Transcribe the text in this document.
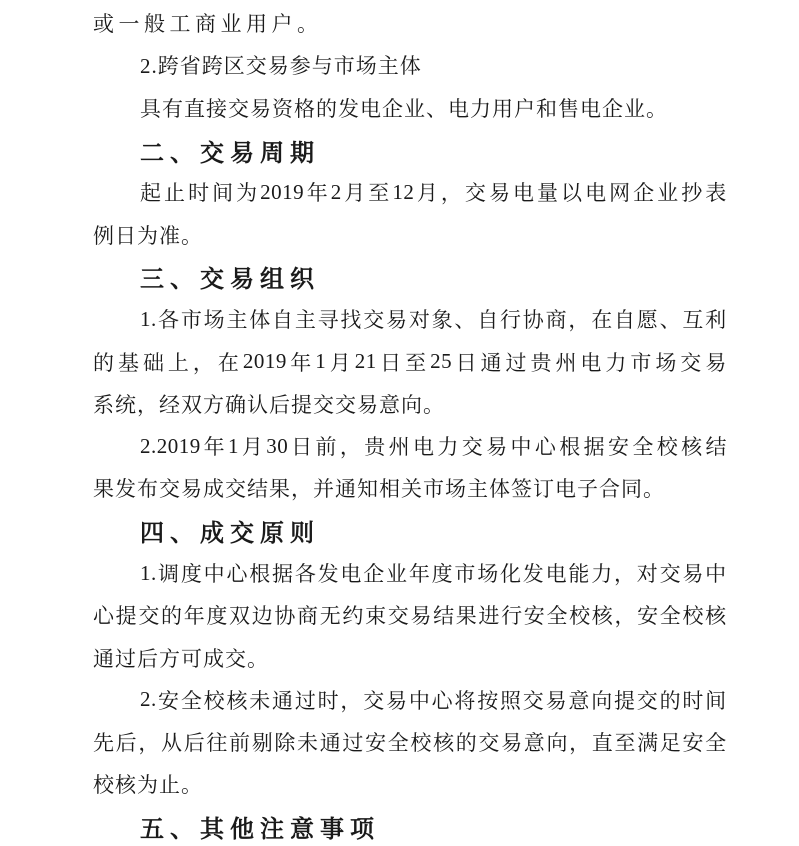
或一般工商业用户。
2.跨省跨区交易参与市场主体
具有直接交易资格的发电企业、电力用户和售电企业。
二、交易周期
起 止 时 间 为 2019 年 2 月 至 12 月 ， 交 易 电 量 以 电 网 企 业 抄 表
例日为准。
三、交易组织
1. 各 市 场 主 体 自 主 寻 找 交 易 对 象 、 自 行 协 商 ， 在 自 愿 、 互 利
的 基 础 上 ， 在 2019 年 1 月 21 日 至 25 日 通 过 贵 州 电 力 市 场 交 易
系统，经双方确认后提交交易意向。
2.2019 年 1 月 30 日 前 ， 贵 州 电 力 交 易 中 心 根 据 安 全 校 核 结
果发布交易成交结果，并通知相关市场主体签订电子合同。
四、成交原则
1. 调 度 中 心 根 据 各 发 电 企 业 年 度 市 场 化 发 电 能 力 ， 对 交 易 中
心 提 交 的 年 度 双 边 协 商 无 约 束 交 易 结 果 进 行 安 全 校 核 ， 安 全 校 核
通过后方可成交。
2. 安 全 校 核 未 通 过 时 ， 交 易 中 心 将 按 照 交 易 意 向 提 交 的 时 间
先 后 ， 从 后 往 前 剔 除 未 通 过 安 全 校 核 的 交 易 意 向 ， 直 至 满 足 安 全
校核为止。
五、其他注意事项
